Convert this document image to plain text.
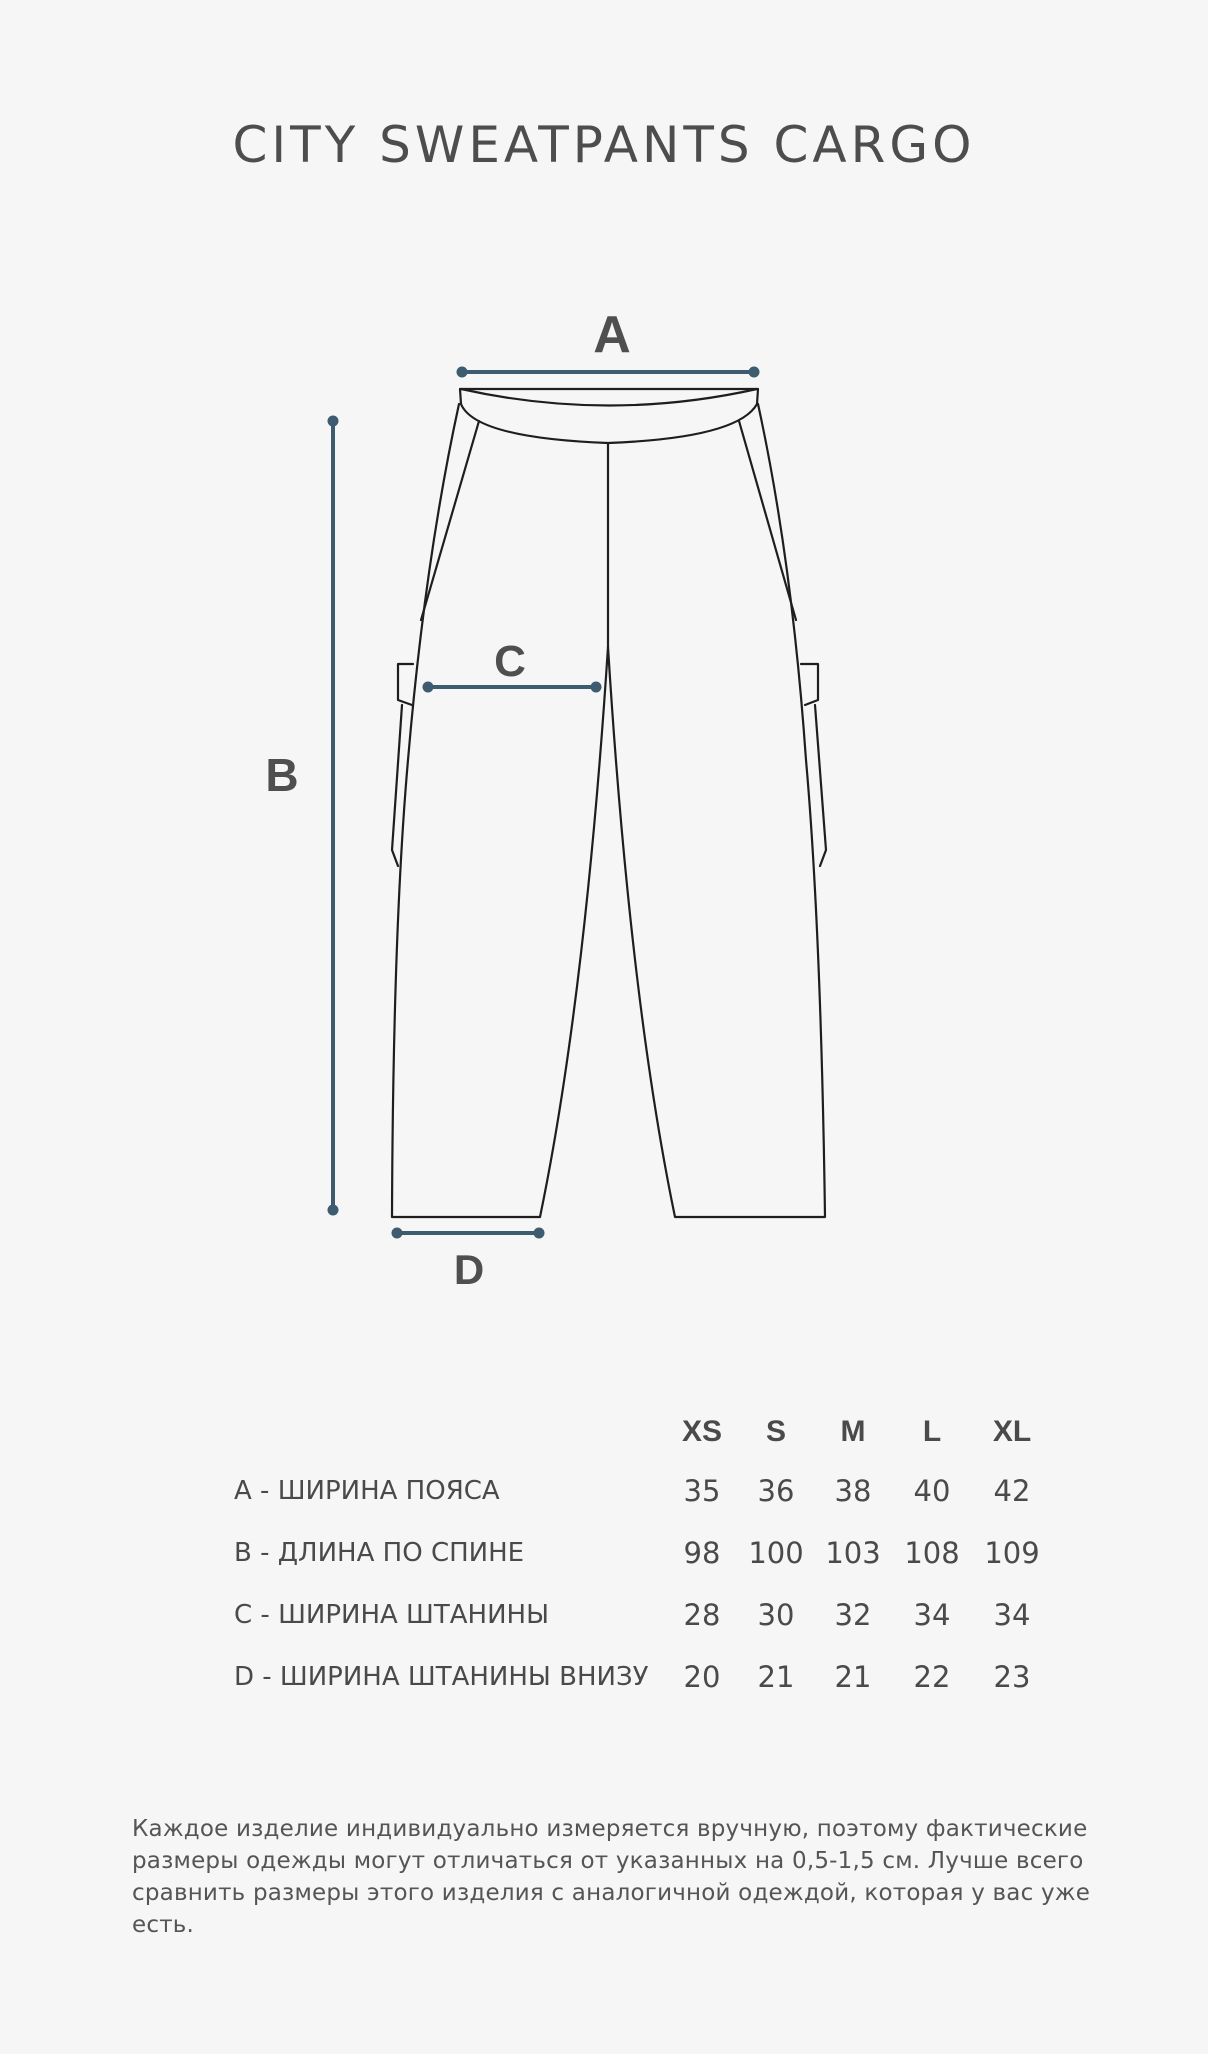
CITY SWEATPANTS CARGO
A
B
C
D
	XS	S	M	L	XL
A - ШИРИНА ПОЯСА	35	36	38	40	42
B - ДЛИНА ПО СПИНЕ	98	100	103	108	109
C - ШИРИНА ШТАНИНЫ	28	30	32	34	34
D - ШИРИНА ШТАНИНЫ ВНИЗУ	20	21	21	22	23

Каждое изделие индивидуально измеряется вручную, поэтому фактические размеры одежды могут отличаться от указанных на 0,5-1,5 см. Лучше всего сравнить размеры этого изделия с аналогичной одеждой, которая у вас уже есть.
